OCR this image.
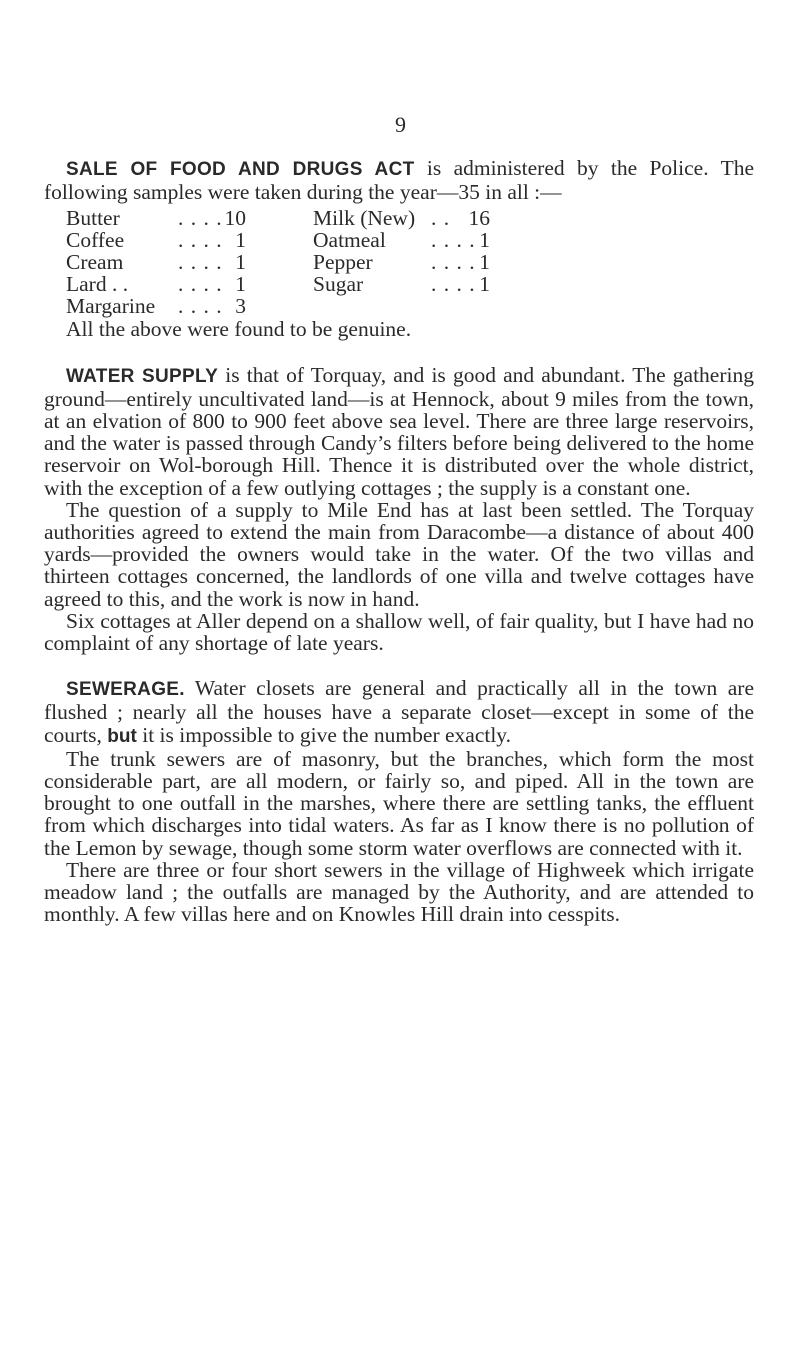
9

SALE OF FOOD AND DRUGS ACT is administered by the Police. The following samples were taken during the year—35 in all :—

Butter	. . . . 10	Milk (New) . . 16
Coffee	. . . . 1	Oatmeal . . . . 1
Cream	. . . . 1	Pepper	. . . . 1
Lard . . . . . . 1	Sugar	. . . . 1
Margarine . . . . 3

All the above were found to be genuine.

WATER SUPPLY is that of Torquay, and is good and abundant. The gathering ground—entirely uncultivated land—is at Hennock, about 9 miles from the town, at an elvation of 800 to 900 feet above sea level. There are three large reservoirs, and the water is passed through Candy’s filters before being delivered to the home reservoir on Wol-borough Hill. Thence it is distributed over the whole district, with the exception of a few outlying cottages ; the supply is a constant one.

The question of a supply to Mile End has at last been settled. The Torquay authorities agreed to extend the main from Daracombe—a distance of about 400 yards—provided the owners would take in the water. Of the two villas and thirteen cottages concerned, the landlords of one villa and twelve cottages have agreed to this, and the work is now in hand.

Six cottages at Aller depend on a shallow well, of fair quality, but I have had no complaint of any shortage of late years.

SEWERAGE. Water closets are general and practically all in the town are flushed ; nearly all the houses have a separate closet—except in some of the courts, but it is impossible to give the number exactly.

The trunk sewers are of masonry, but the branches, which form the most considerable part, are all modern, or fairly so, and piped. All in the town are brought to one outfall in the marshes, where there are settling tanks, the effluent from which discharges into tidal waters. As far as I know there is no pollution of the Lemon by sewage, though some storm water overflows are connected with it.

There are three or four short sewers in the village of Highweek which irrigate meadow land ; the outfalls are managed by the Authority, and are attended to monthly. A few villas here and on Knowles Hill drain into cesspits.
